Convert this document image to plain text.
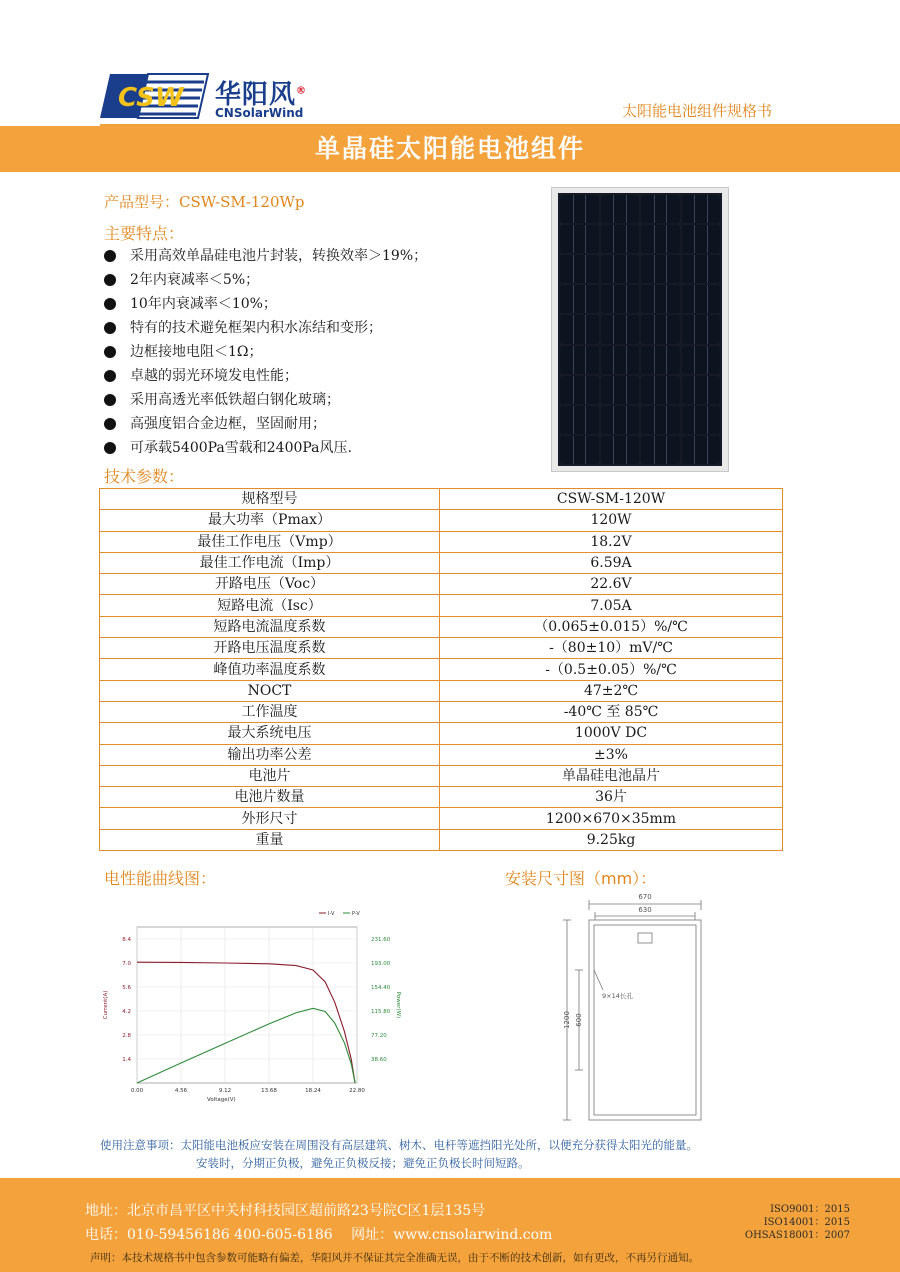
CSW 华阳风®
CNSolarWind	太阳能电池组件规格书
单晶硅太阳能电池组件
产品型号：CSW-SM-120Wp
主要特点：
采用高效单晶硅电池片封装，转换效率＞19%；
2年内衰减率＜5%；
10年内衰减率＜10%；
特有的技术避免框架内积水冻结和变形；
边框接地电阻＜1Ω；
卓越的弱光环境发电性能；
采用高透光率低铁超白钢化玻璃；
高强度铝合金边框，坚固耐用；
可承载5400Pa雪载和2400Pa风压.
技术参数：
规格型号	CSW-SM-120W
最大功率（Pmax）	120W
最佳工作电压（Vmp）	18.2V
最佳工作电流（Imp）	6.59A
开路电压（Voc）	22.6V
短路电流（Isc）	7.05A
短路电流温度系数	（0.065±0.015）%/℃
开路电压温度系数	-（80±10）mV/℃
峰值功率温度系数	-（0.5±0.05）%/℃
NOCT	47±2℃
工作温度	-40℃ 至 85℃
最大系统电压	1000V DC
输出功率公差	±3%
电池片	单晶硅电池晶片
电池片数量	36片
外形尺寸	1200×670×35mm
重量	9.25kg
电性能曲线图：	安装尺寸图（mm）：
0.00	4.56	9.12	13.68	18.24	22.80
1.4
2.8
4.2
5.6
7.0
8.4
38.60
77.20
115.80
154.40
193.00
231.60
Voltage(V)
Current(A)	Power(W)
I-V	P-V
670
630
1200 600
9×14长孔
使用注意事项：太阳能电池板应安装在周围没有高层建筑、树木、电杆等遮挡阳光处所，以便充分获得太阳光的能量。
安装时，分期正负极，避免正负极反接；避免正负极长时间短路。
地址：北京市昌平区中关村科技园区超前路23号院C区1层135号
电话：010-59456186 400-605-6186 网址：www.cnsolarwind.com
ISO9001：2015
ISO14001：2015
OHSAS18001：2007
声明：本技术规格书中包含参数可能略有偏差，华阳风并不保证其完全准确无误，由于不断的技术创新，如有更改，不再另行通知。
